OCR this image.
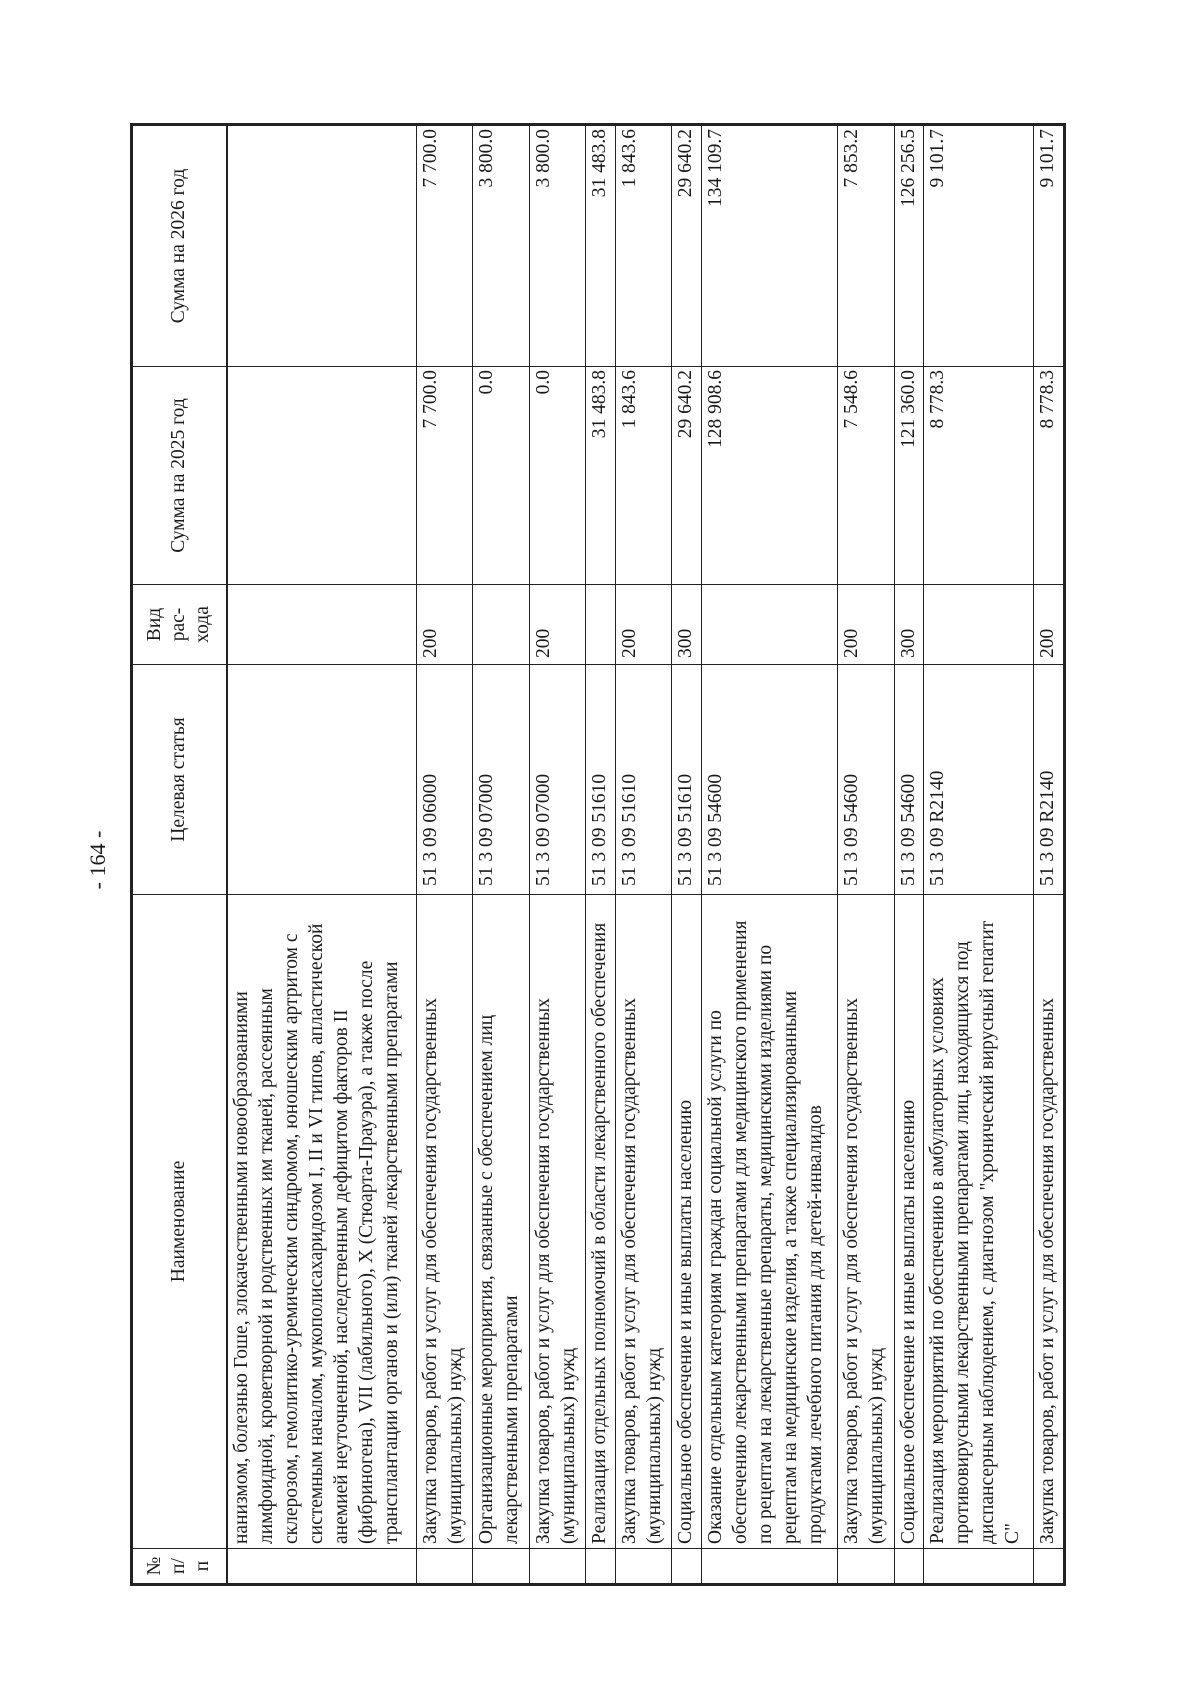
- 164 -
№ п/п	Наименование	Целевая статья	Вид рас- хода	Сумма на 2025 год	Сумма на 2026 год
	нанизмом, болезнью Гоше, злокачественными новообразованиями лимфоидной, кроветворной и родственных им тканей, рассеянным склерозом, гемолитико-уремическим синдромом, юношеским артритом с системным началом, мукополисахаридозом I, II и VI типов, апластической анемией неуточненной, наследственным дефицитом факторов II (фибриногена), VII (лабильного), X (Стюарта-Прауэра), а также после трансплантации органов и (или) тканей лекарственными препаратами				
	Закупка товаров, работ и услуг для обеспечения государственных (муниципальных) нужд	51 3 09 06000	200	7 700.0	7 700.0
	Организационные мероприятия, связанные с обеспечением лиц лекарственными препаратами	51 3 09 07000		0.0	3 800.0
	Закупка товаров, работ и услуг для обеспечения государственных (муниципальных) нужд	51 3 09 07000	200	0.0	3 800.0
	Реализация отдельных полномочий в области лекарственного обеспечения	51 3 09 51610		31 483.8	31 483.8
	Закупка товаров, работ и услуг для обеспечения государственных (муниципальных) нужд	51 3 09 51610	200	1 843.6	1 843.6
	Социальное обеспечение и иные выплаты населению	51 3 09 51610	300	29 640.2	29 640.2
	Оказание отдельным категориям граждан социальной услуги по обеспечению лекарственными препаратами для медицинского применения по рецептам на лекарственные препараты, медицинскими изделиями по рецептам на медицинские изделия, а также специализированными продуктами лечебного питания для детей-инвалидов	51 3 09 54600		128 908.6	134 109.7
	Закупка товаров, работ и услуг для обеспечения государственных (муниципальных) нужд	51 3 09 54600	200	7 548.6	7 853.2
	Социальное обеспечение и иные выплаты населению	51 3 09 54600	300	121 360.0	126 256.5
	Реализация мероприятий по обеспечению в амбулаторных условиях противовирусными лекарственными препаратами лиц, находящихся под диспансерным наблюдением, с диагнозом "хронический вирусный гепатит С"	51 3 09 R2140		8 778.3	9 101.7
	Закупка товаров, работ и услуг для обеспечения государственных	51 3 09 R2140	200	8 778.3	9 101.7
